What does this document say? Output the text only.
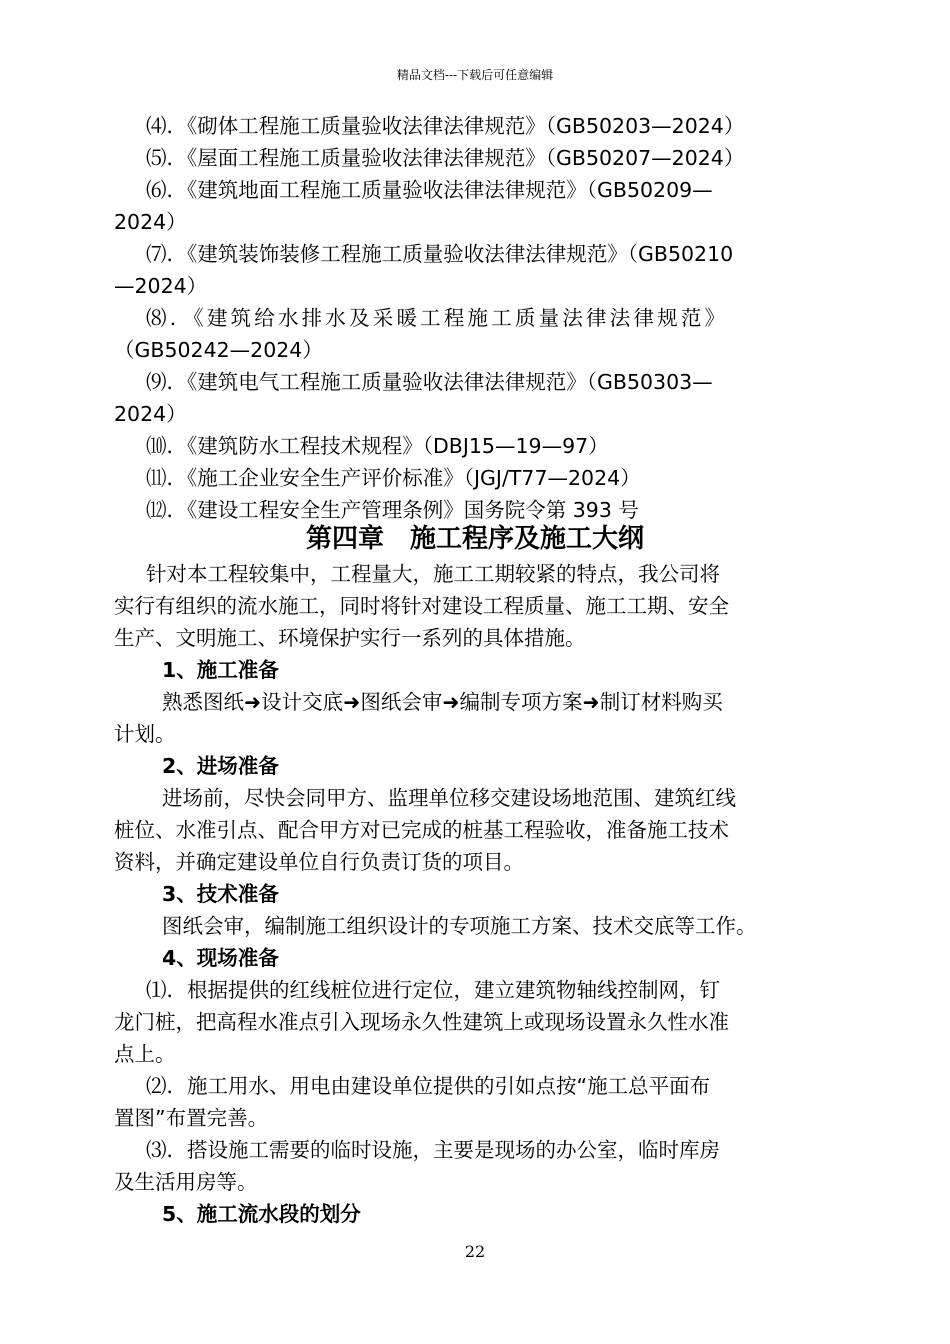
精品文档---下载后可任意编辑
⑷．《砌体工程施工质量验收法律法律规范》（GB50203—2024）
⑸．《屋面工程施工质量验收法律法律规范》（GB50207—2024）
⑹．《建筑地面工程施工质量验收法律法律规范》（GB50209—
2024）
⑺．《建筑装饰装修工程施工质量验收法律法律规范》（GB50210
—2024）
⑻．《建筑给水排水及采暖工程施工质量法律法律规范》
（GB50242—2024）
⑼．《建筑电气工程施工质量验收法律法律规范》（GB50303—
2024）
⑽．《建筑防水工程技术规程》（DBJ15—19—97）
⑾．《施工企业安全生产评价标准》（JGJ/T77—2024）
⑿．《建设工程安全生产管理条例》国务院令第 393 号
第四章　施工程序及施工大纲
针对本工程较集中，工程量大，施工工期较紧的特点，我公司将
实行有组织的流水施工，同时将针对建设工程质量、施工工期、安全
生产、文明施工、环境保护实行一系列的具体措施。
1、施工准备
熟悉图纸➜设计交底➜图纸会审➜编制专项方案➜制订材料购买
计划。
2、进场准备
进场前，尽快会同甲方、监理单位移交建设场地范围、建筑红线
桩位、水准引点、配合甲方对已完成的桩基工程验收，准备施工技术
资料，并确定建设单位自行负责订货的项目。
3、技术准备
图纸会审，编制施工组织设计的专项施工方案、技术交底等工作。
4、现场准备
⑴．根据提供的红线桩位进行定位，建立建筑物轴线控制网，钉
龙门桩，把高程水准点引入现场永久性建筑上或现场设置永久性水准
点上。
⑵．施工用水、用电由建设单位提供的引如点按“施工总平面布
置图”布置完善。
⑶．搭设施工需要的临时设施，主要是现场的办公室，临时库房
及生活用房等。
5、施工流水段的划分
22
